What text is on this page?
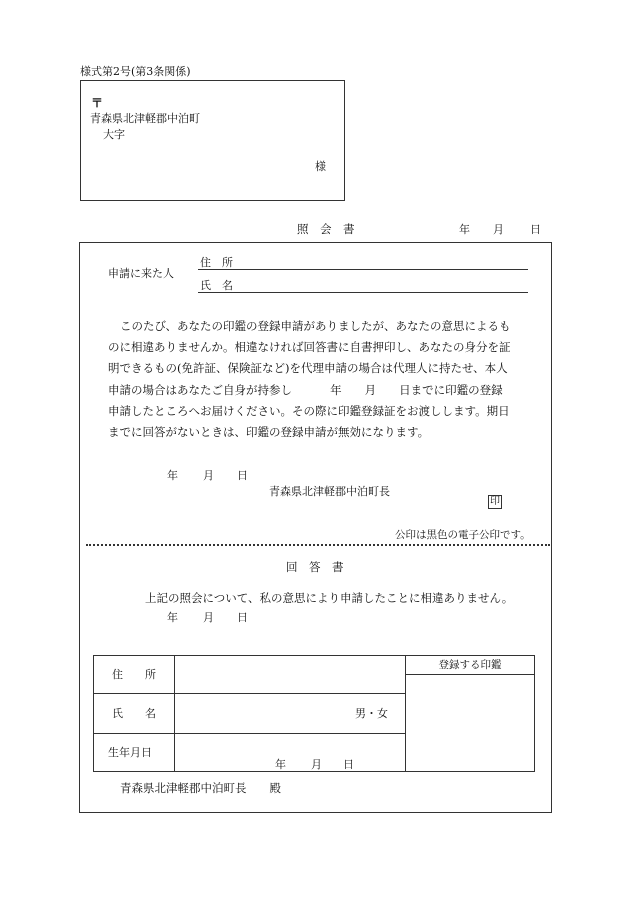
様式第2号(第3条関係)
〒
青森県北津軽郡中泊町
大字
様
照　会　書	年 月 日
申請に来た人
住　所
氏　名
このたび、あなたの印鑑の登録申請がありましたが、あなたの意思によるも
のに相違ありませんか。相違なければ回答書に自書押印し、あなたの身分を証
明できるもの(免許証、保険証など)を代理申請の場合は代理人に持たせ、本人
申請の場合はあなたご自身が持参し　　　 年　　月　　日までに印鑑の登録
申請したところへお届けください。その際に印鑑登録証をお渡しします。期日
までに回答がないときは、印鑑の登録申請が無効になります。
年 月 日
青森県北津軽郡中泊町長
印
公印は黒色の電子公印です。
回　答　書
上記の照会について、私の意思により申請したことに相違ありません。
年 月 日
住　　所		登録する印鑑

氏　　名	男・女	

生年月日	年 月 日	
青森県北津軽郡中泊町長　　殿
